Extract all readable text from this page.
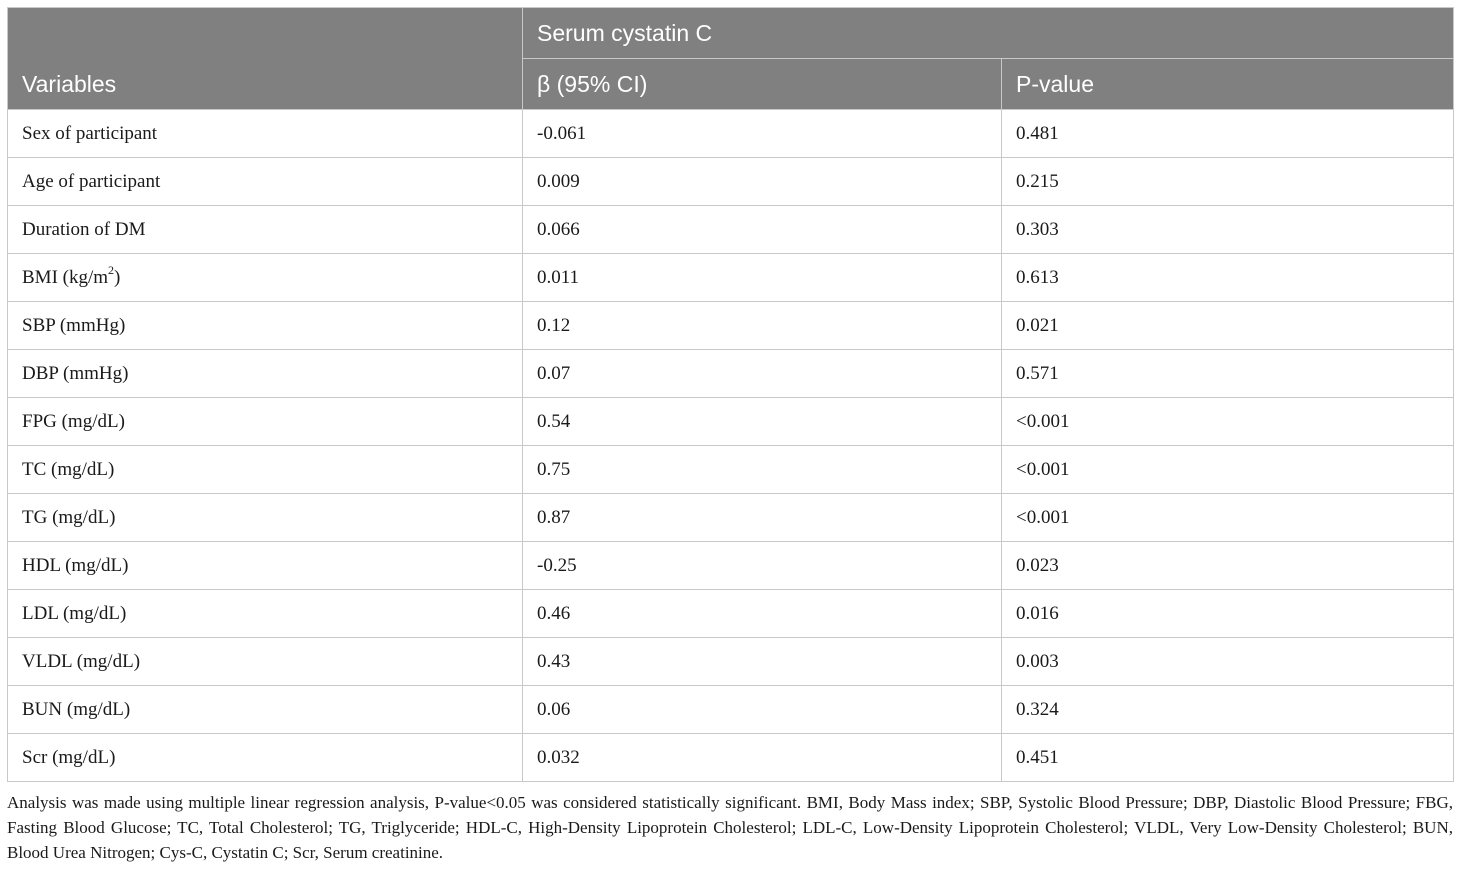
Variables	Serum cystatin C	
	β (95% CI)	P-value
Sex of participant	-0.061	0.481
Age of participant	0.009	0.215
Duration of DM	0.066	0.303
BMI $(kg/m^2)$	0.011	0.613
SBP (mmHg)	0.12	0.021
DBP (mmHg)	0.07	0.571
FPG (mg/dL)	0.54	<0.001
TC (mg/dL)	0.75	<0.001
TG (mg/dL)	0.87	<0.001
HDL (mg/dL)	-0.25	0.023
LDL (mg/dL)	0.46	0.016
VLDL (mg/dL)	0.43	0.003
BUN (mg/dL)	0.06	0.324
Scr (mg/dL)	0.032	0.451

Analysis was made using multiple linear regression analysis, P-value<0.05 was considered statistically significant. BMI, Body Mass index; SBP, Systolic Blood Pressure; DBP, Diastolic Blood Pressure; FBG, Fasting Blood Glucose; TC, Total Cholesterol; TG, Triglyceride; HDL-C, High-Density Lipoprotein Cholesterol; LDL-C, Low-Density Lipoprotein Cholesterol; VLDL, Very Low-Density Cholesterol; BUN, Blood Urea Nitrogen; Cys-C, Cystatin C; Scr, Serum creatinine.
